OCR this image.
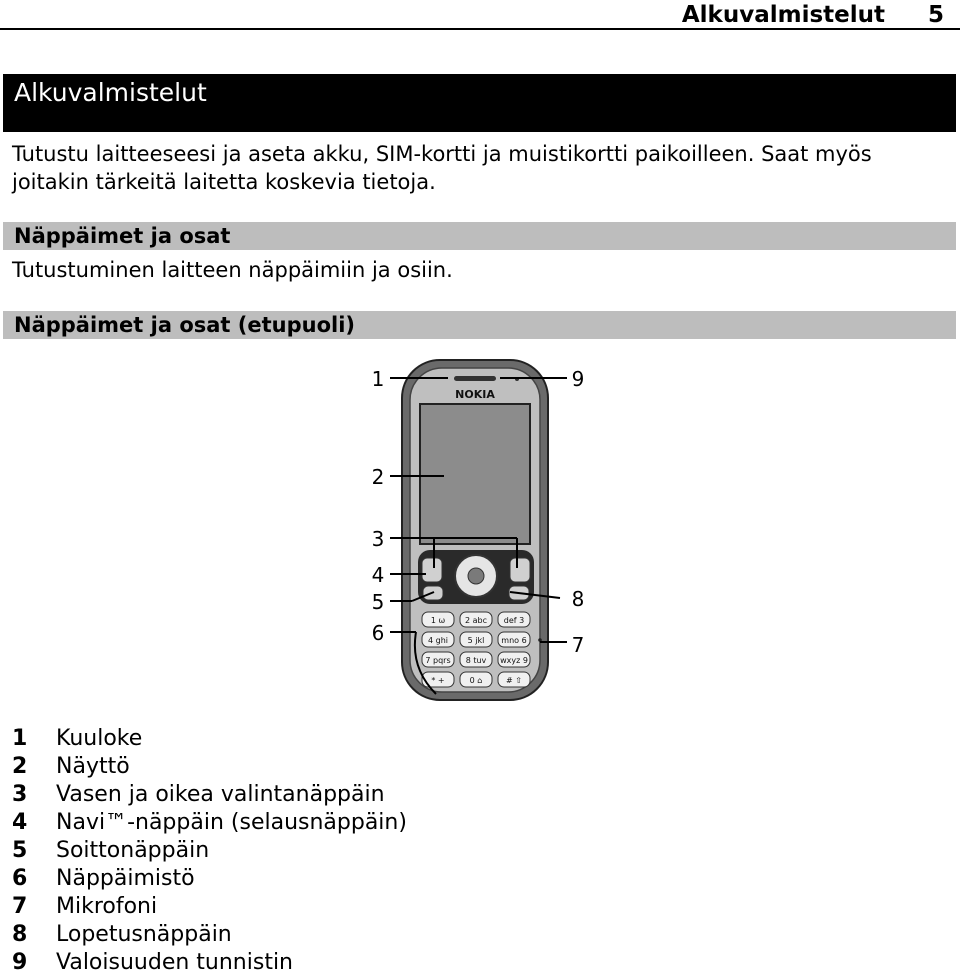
Alkuvalmistelut 5
Alkuvalmistelut

Tutustu laitteeseesi ja aseta akku, SIM-kortti ja muistikortti paikoilleen. Saat myös joitakin tärkeitä laitetta koskevia tietoja.

Näppäimet ja osat

Tutustuminen laitteen näppäimiin ja osiin.

Näppäimet ja osat (etupuoli)
NOKIA
1 ω 2 abc def 3
4 ghi 5 jkl mno 6
7 pqrs 8 tuv wxyz 9
* +	0 ⌂	# ⇧
1
2
3
4
5
6	7
8
9
1 Kuuloke
2 Näyttö
3 Vasen ja oikea valintanäppäin
4 Navi™-näppäin (selausnäppäin)
5 Soittonäppäin
6 Näppäimistö
7 Mikrofoni
8 Lopetusnäppäin
9 Valoisuuden tunnistin
